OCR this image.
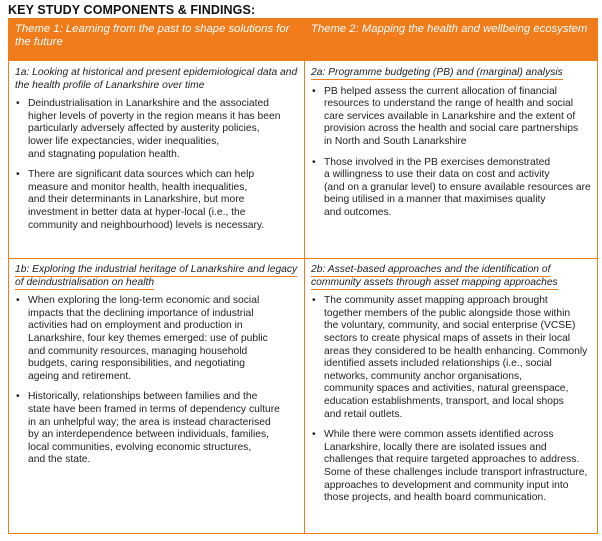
KEY STUDY COMPONENTS & FINDINGS:
Theme 1: Learning from the past to shape solutions for the future
Theme 2: Mapping the health and wellbeing ecosystem
1a: Looking at historical and present epidemiological data and
the health profile of Lanarkshire over time
• Deindustrialisation in Lanarkshire and the associated
higher levels of poverty in the region means it has been
particularly adversely affected by austerity policies,
lower life expectancies, wider inequalities,
and stagnating population health.
• There are significant data sources which can help
measure and monitor health, health inequalities,
and their determinants in Lanarkshire, but more
investment in better data at hyper-local (i.e., the
community and neighbourhood) levels is necessary.
2a: Programme budgeting (PB) and (marginal) analysis
• PB helped assess the current allocation of financial
resources to understand the range of health and social
care services available in Lanarkshire and the extent of
provision across the health and social care partnerships
in North and South Lanarkshire
• Those involved in the PB exercises demonstrated
a willingness to use their data on cost and activity
(and on a granular level) to ensure available resources are
being utilised in a manner that maximises quality
and outcomes.
1b: Exploring the industrial heritage of Lanarkshire and legacy
of deindustrialisation on health
• When exploring the long-term economic and social
impacts that the declining importance of industrial
activities had on employment and production in
Lanarkshire, four key themes emerged: use of public
and community resources, managing household
budgets, caring responsibilities, and negotiating
ageing and retirement.
• Historically, relationships between families and the
state have been framed in terms of dependency culture
in an unhelpful way; the area is instead characterised
by an interdependence between individuals, families,
local communities, evolving economic structures,
and the state.
2b: Asset-based approaches and the identification of
community assets through asset mapping approaches
• The community asset mapping approach brought
together members of the public alongside those within
the voluntary, community, and social enterprise (VCSE)
sectors to create physical maps of assets in their local
areas they considered to be health enhancing. Commonly
identified assets included relationships (i.e., social
networks, community anchor organisations,
community spaces and activities, natural greenspace,
education establishments, transport, and local shops
and retail outlets.
• While there were common assets identified across
Lanarkshire, locally there are isolated issues and
challenges that require targeted approaches to address.
Some of these challenges include transport infrastructure,
approaches to development and community input into
those projects, and health board communication.
